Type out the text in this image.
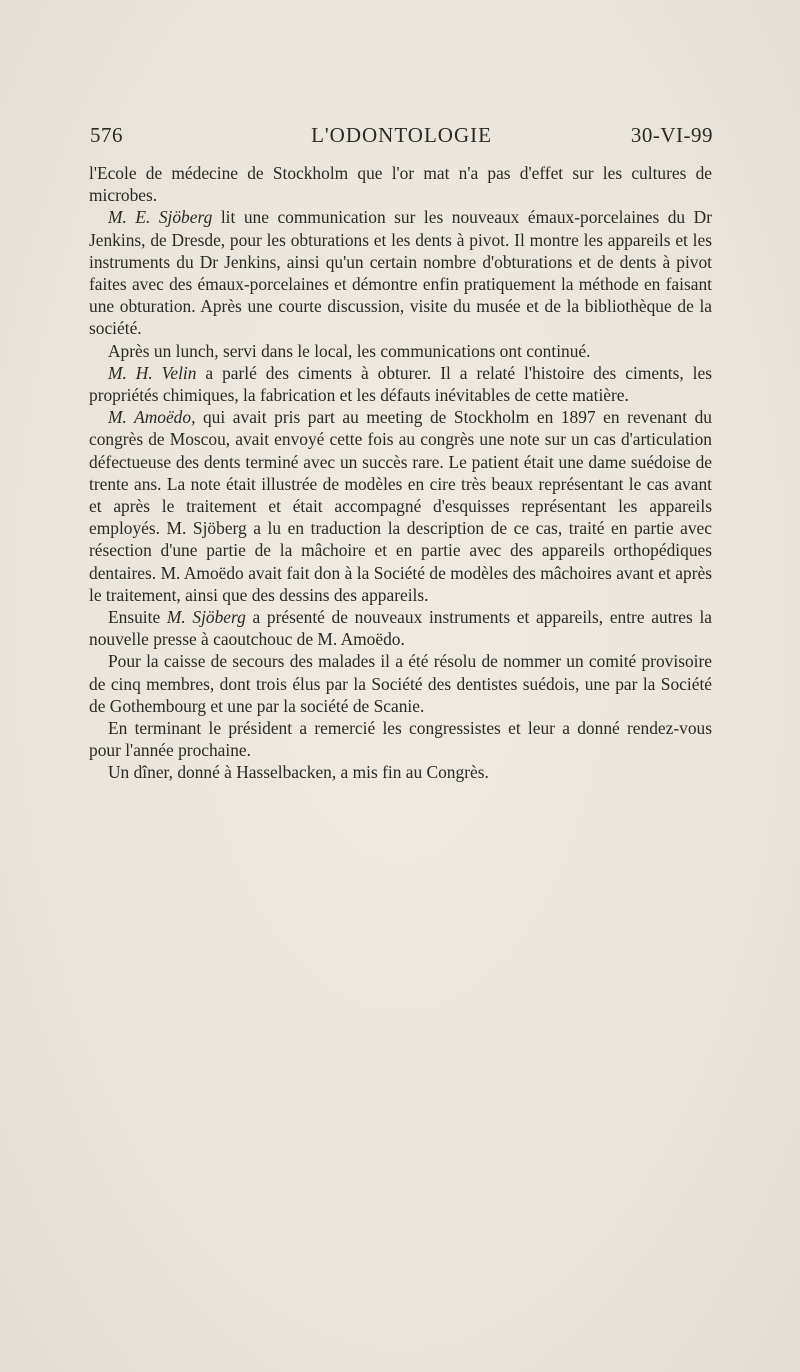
576	L'ODONTOLOGIE	30-VI-99

l'Ecole de médecine de Stockholm que l'or mat n'a pas d'effet sur les cultures de microbes.

M. E. Sjöberg lit une communication sur les nouveaux émaux-porcelaines du Dr Jenkins, de Dresde, pour les obturations et les dents à pivot. Il montre les appareils et les instruments du Dr Jenkins, ainsi qu'un certain nombre d'obturations et de dents à pivot faites avec des émaux-porcelaines et démontre enfin pratiquement la méthode en faisant une obturation. Après une courte discussion, visite du musée et de la bibliothèque de la société.

Après un lunch, servi dans le local, les communications ont continué.

M. H. Velin a parlé des ciments à obturer. Il a relaté l'histoire des ciments, les propriétés chimiques, la fabrication et les défauts inévitables de cette matière.

M. Amoëdo, qui avait pris part au meeting de Stockholm en 1897 en revenant du congrès de Moscou, avait envoyé cette fois au congrès une note sur un cas d'articulation défectueuse des dents terminé avec un succès rare. Le patient était une dame suédoise de trente ans. La note était illustrée de modèles en cire très beaux représentant le cas avant et après le traitement et était accompagné d'esquisses représentant les appareils employés. M. Sjöberg a lu en traduction la description de ce cas, traité en partie avec résection d'une partie de la mâchoire et en partie avec des appareils orthopédiques dentaires. M. Amoëdo avait fait don à la Société de modèles des mâchoires avant et après le traitement, ainsi que des dessins des appareils.

Ensuite M. Sjöberg a présenté de nouveaux instruments et appareils, entre autres la nouvelle presse à caoutchouc de M. Amoëdo.

Pour la caisse de secours des malades il a été résolu de nommer un comité provisoire de cinq membres, dont trois élus par la Société des dentistes suédois, une par la Société de Gothembourg et une par la société de Scanie.

En terminant le président a remercié les congressistes et leur a donné rendez-vous pour l'année prochaine.

Un dîner, donné à Hasselbacken, a mis fin au Congrès.
